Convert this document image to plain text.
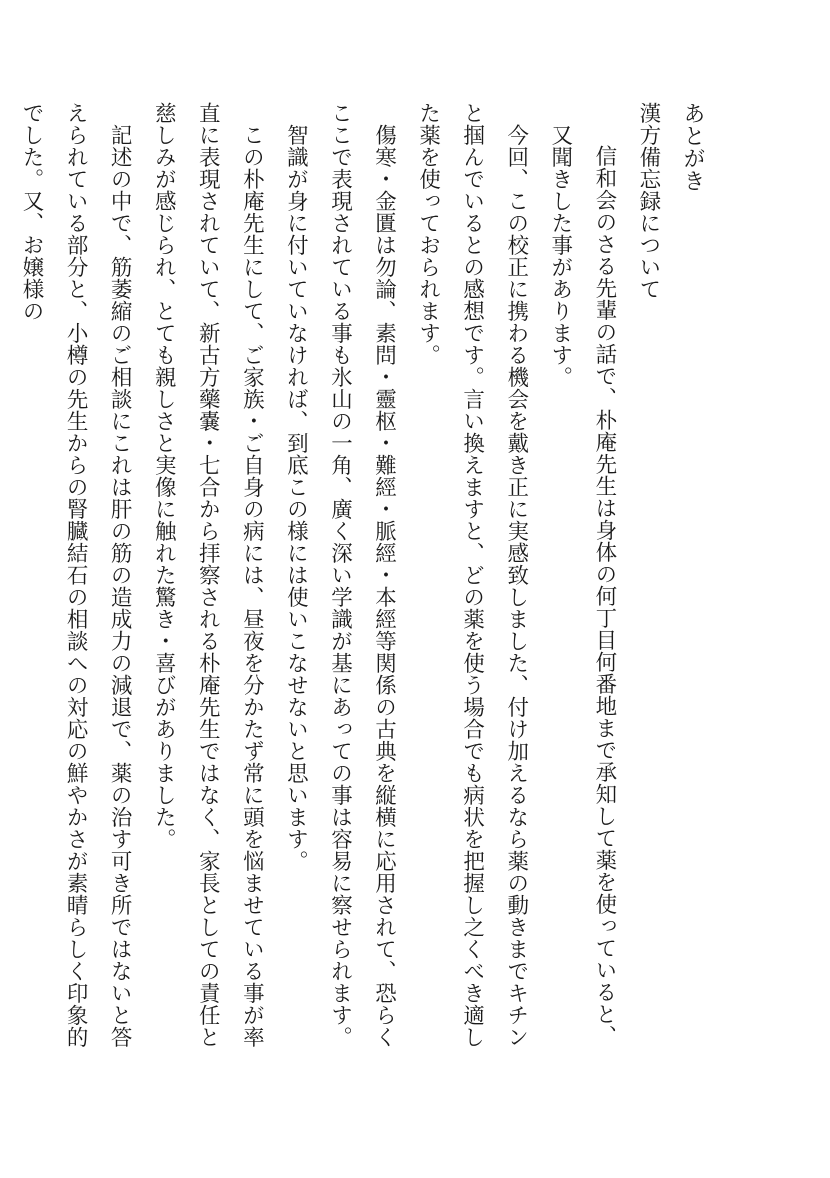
あとがき

漢方備忘録について

信和会のさる先輩の話で、朴庵先生は身体の何丁目何番地まで承知して薬を使っていると、又聞きした事があります。

今回、この校正に携わる機会を戴き正に実感致しました、付け加えるなら薬の動きまでキチンと掴んでいるとの感想です。言い換えますと、どの薬を使う場合でも病状を把握し之くべき適した薬を使っておられます。

傷寒・金匱は勿論、素問・靈枢・難經・脈經・本經等関係の古典を縦横に応用されて、恐らくここで表現されている事も氷山の一角、廣く深い学識が基にあっての事は容易に察せられます。

智識が身に付いていなければ、到底この様には使いこなせないと思います。

この朴庵先生にして、ご家族・ご自身の病には、昼夜を分かたず常に頭を悩ませている事が率直に表現されていて、新古方藥嚢・七合から拝察される朴庵先生ではなく、家長としての責任と慈しみが感じられ、とても親しさと実像に触れた驚き・喜びがありました。

記述の中で、筋萎縮のご相談にこれは肝の筋の造成力の減退で、薬の治す可き所ではないと答えられている部分と、小樽の先生からの腎臓結石の相談への対応の鮮やかさが素晴らしく印象的でした。又、お嬢様の
